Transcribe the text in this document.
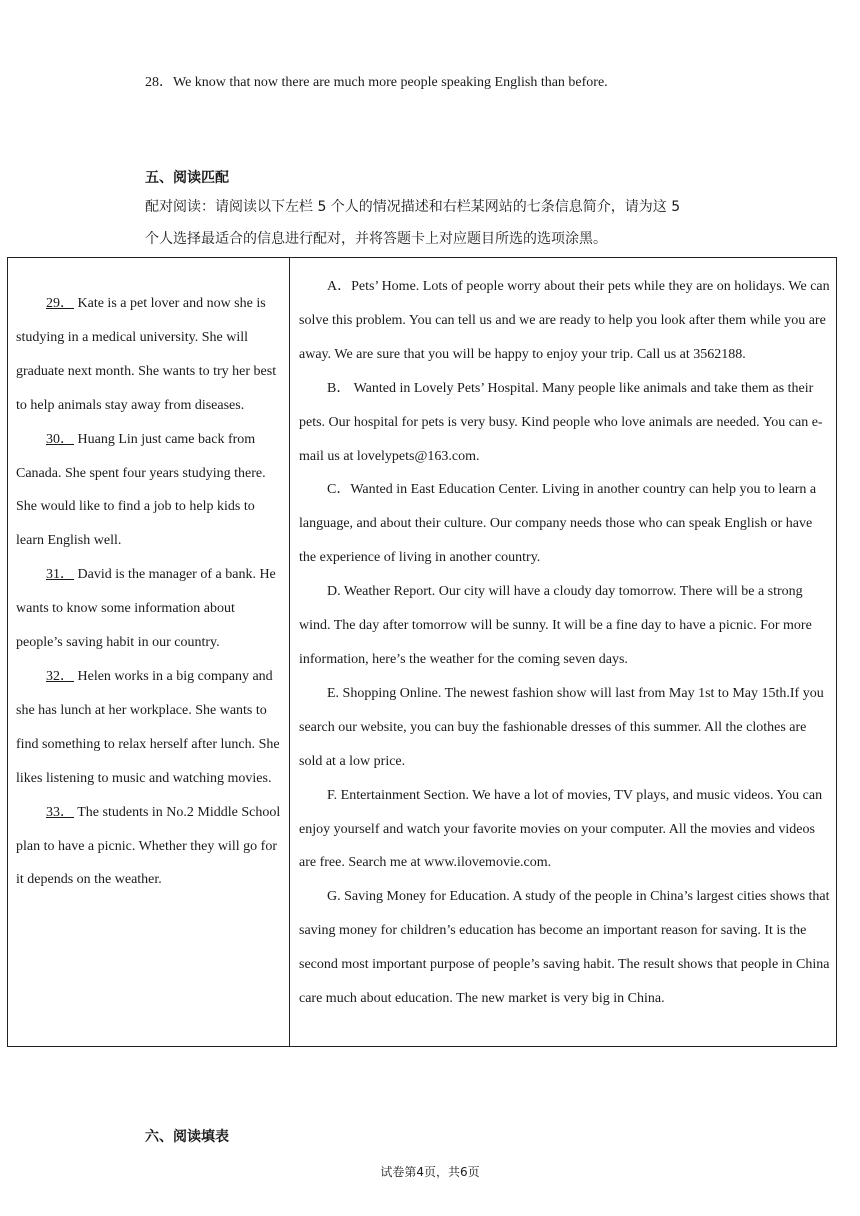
28．We know that now there are much more people speaking English than before.
五、阅读匹配
配对阅读：请阅读以下左栏 5 个人的情况描述和右栏某网站的七条信息简介，请为这 5
个人选择最适合的信息进行配对，并将答题卡上对应题目所选的选项涂黑。

29． Kate is a pet lover and now she is studying in a medical university. She will graduate next month. She wants to try her best to help animals stay away from diseases.

30． Huang Lin just came back from Canada. She spent four years studying there. She would like to find a job to help kids to learn English well.

31． David is the manager of a bank. He wants to know some information about people’s saving habit in our country.

32． Helen works in a big company and she has lunch at her workplace. She wants to find something to relax herself after lunch. She likes listening to music and watching movies.

33． The students in No.2 Middle School plan to have a picnic. Whether they will go for it depends on the weather.

A．Pets’ Home. Lots of people worry about their pets while they are on holidays. We can solve this problem. You can tell us and we are ready to help you look after them while you are away. We are sure that you will be happy to enjoy your trip. Call us at 3562188.

B． Wanted in Lovely Pets’ Hospital. Many people like animals and take them as their pets. Our hospital for pets is very busy. Kind people who love animals are needed. You can e-mail us at lovelypets@163.com.

C．Wanted in East Education Center. Living in another country can help you to learn a language, and about their culture. Our company needs those who can speak English or have the experience of living in another country.

D. Weather Report. Our city will have a cloudy day tomorrow. There will be a strong wind. The day after tomorrow will be sunny. It will be a fine day to have a picnic. For more information, here’s the weather for the coming seven days.

E. Shopping Online. The newest fashion show will last from May 1st to May 15th.If you search our website, you can buy the fashionable dresses of this summer. All the clothes are sold at a low price.

F. Entertainment Section. We have a lot of movies, TV plays, and music videos. You can enjoy yourself and watch your favorite movies on your computer. All the movies and videos are free. Search me at www.ilovemovie.com.

G. Saving Money for Education. A study of the people in China’s largest cities shows that saving money for children’s education has become an important reason for saving. It is the second most important purpose of people’s saving habit. The result shows that people in China care much about education. The new market is very big in China.

六、阅读填表
试卷第4页，共6页
